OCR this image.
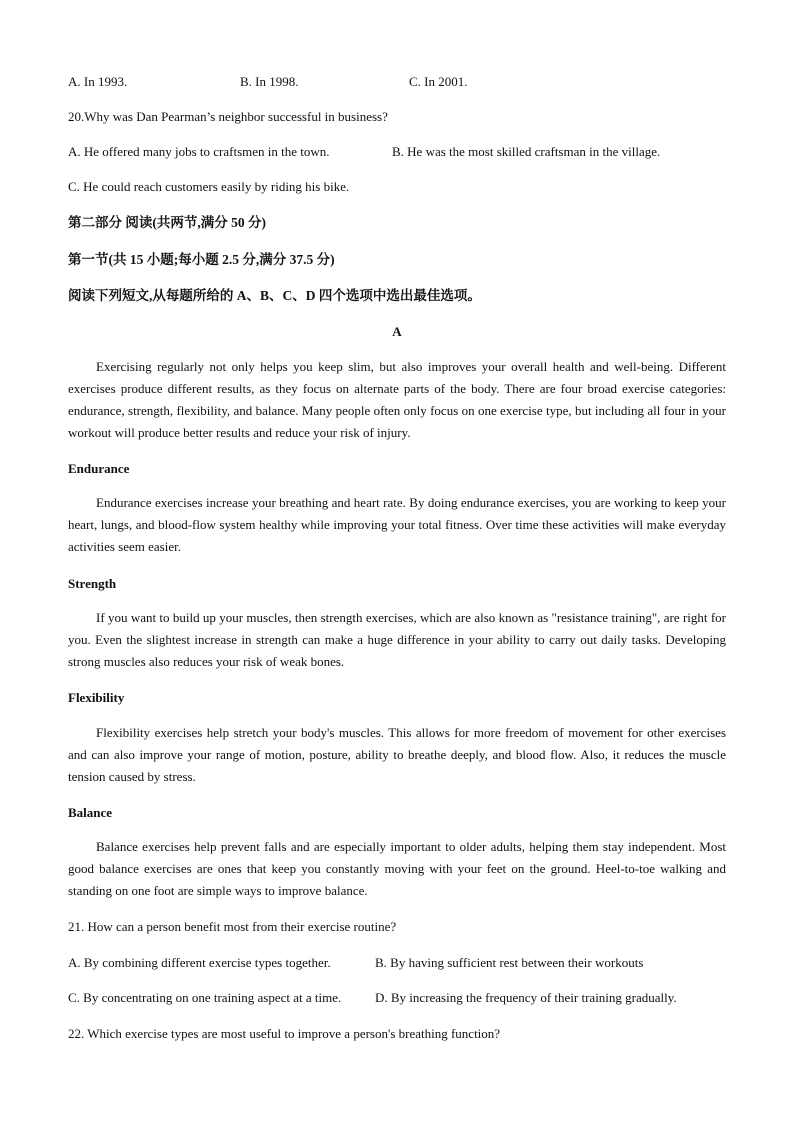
A. In 1993.	B. In 1998.	C. In 2001.
20.Why was Dan Pearman’s neighbor successful in business?
A. He offered many jobs to craftsmen in the town.	B. He was the most skilled craftsman in the village.
C. He could reach customers easily by riding his bike.
第二部分 阅读(共两节,满分 50 分)
第一节(共 15 小题;每小题 2.5 分,满分 37.5 分)
阅读下列短文,从每题所给的 A、B、C、D 四个选项中选出最佳选项。
A

Exercising regularly not only helps you keep slim, but also improves your overall health and well-being. Different exercises produce different results, as they focus on alternate parts of the body. There are four broad exercise categories: endurance, strength, flexibility, and balance. Many people often only focus on one exercise type, but including all four in your workout will produce better results and reduce your risk of injury.

Endurance

Endurance exercises increase your breathing and heart rate. By doing endurance exercises, you are working to keep your heart, lungs, and blood-flow system healthy while improving your total fitness. Over time these activities will make everyday activities seem easier.

Strength

If you want to build up your muscles, then strength exercises, which are also known as "resistance training", are right for you. Even the slightest increase in strength can make a huge difference in your ability to carry out daily tasks. Developing strong muscles also reduces your risk of weak bones.

Flexibility

Flexibility exercises help stretch your body's muscles. This allows for more freedom of movement for other exercises and can also improve your range of motion, posture, ability to breathe deeply, and blood flow. Also, it reduces the muscle tension caused by stress.

Balance

Balance exercises help prevent falls and are especially important to older adults, helping them stay independent. Most good balance exercises are ones that keep you constantly moving with your feet on the ground. Heel-to-toe walking and standing on one foot are simple ways to improve balance.

21. How can a person benefit most from their exercise routine?
A. By combining different exercise types together.	B. By having sufficient rest between their workouts
C. By concentrating on one training aspect at a time.	D. By increasing the frequency of their training gradually.
22. Which exercise types are most useful to improve a person's breathing function?
